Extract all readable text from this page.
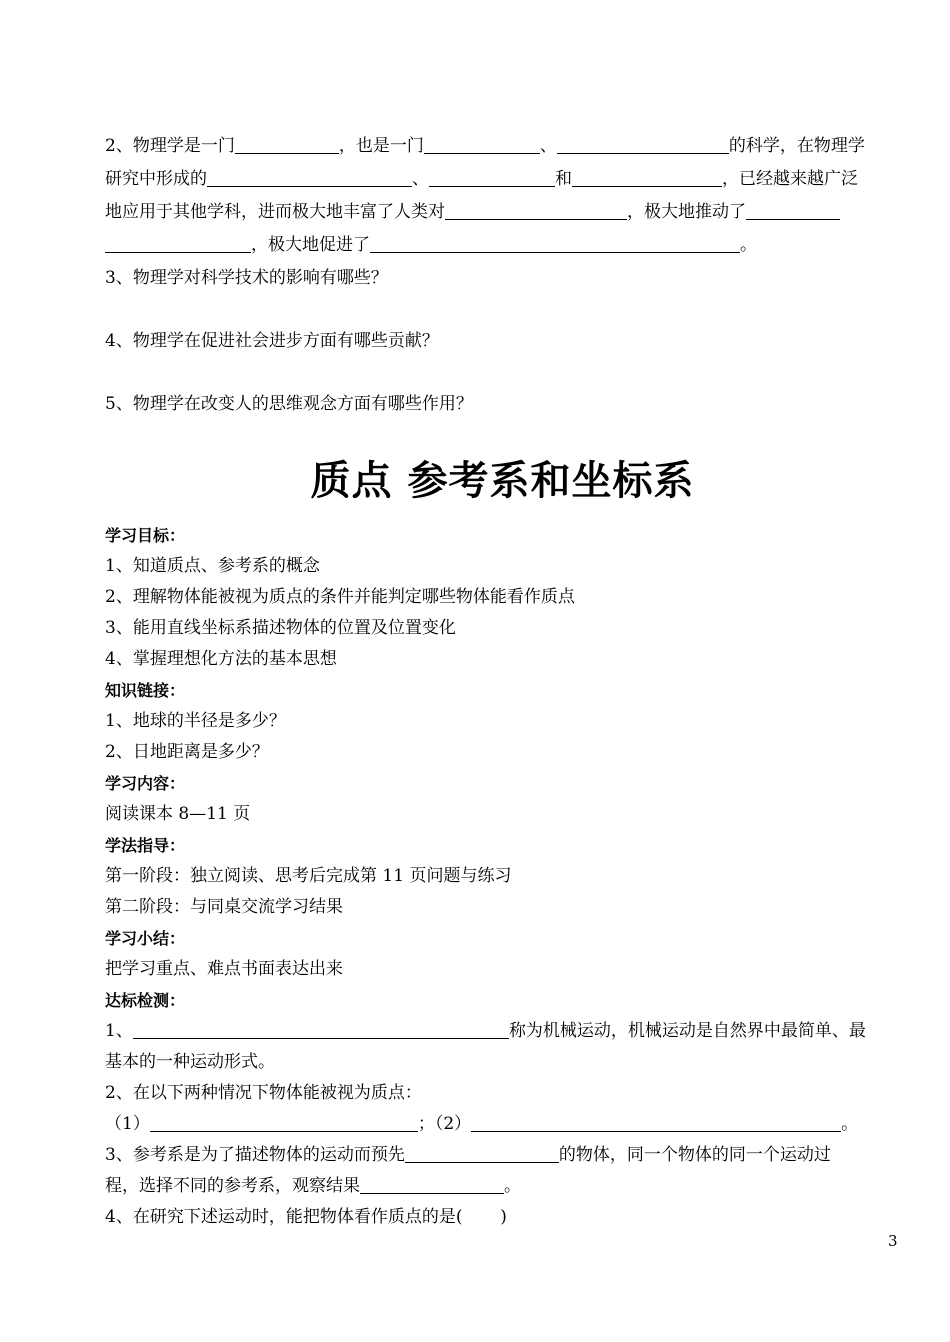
2、物理学是一门	，也是一门	、	的科学，在物理学

研究中形成的	、	和	，已经越来越广泛

地应用于其他学科，进而极大地丰富了人类对	，极大地推动了

，极大地促进了	。

3、物理学对科学技术的影响有哪些？

4、物理学在促进社会进步方面有哪些贡献？

5、物理学在改变人的思维观念方面有哪些作用？

质点 参考系和坐标系

学习目标：

1、知道质点、参考系的概念

2、理解物体能被视为质点的条件并能判定哪些物体能看作质点

3、能用直线坐标系描述物体的位置及位置变化

4、掌握理想化方法的基本思想

知识链接：

1、地球的半径是多少？

2、日地距离是多少？

学习内容：

阅读课本 8—11 页

学法指导：

第一阶段：独立阅读、思考后完成第 11 页问题与练习

第二阶段：与同桌交流学习结果

学习小结：

把学习重点、难点书面表达出来

达标检测：

1、	称为机械运动，机械运动是自然界中最简单、最

基本的一种运动形式。

2、在以下两种情况下物体能被视为质点：

（1）	；（2）	。

3、参考系是为了描述物体的运动而预先	的物体，同一个物体的同一个运动过

程，选择不同的参考系，观察结果	。

4、在研究下述运动时，能把物体看作质点的是(       )

3
